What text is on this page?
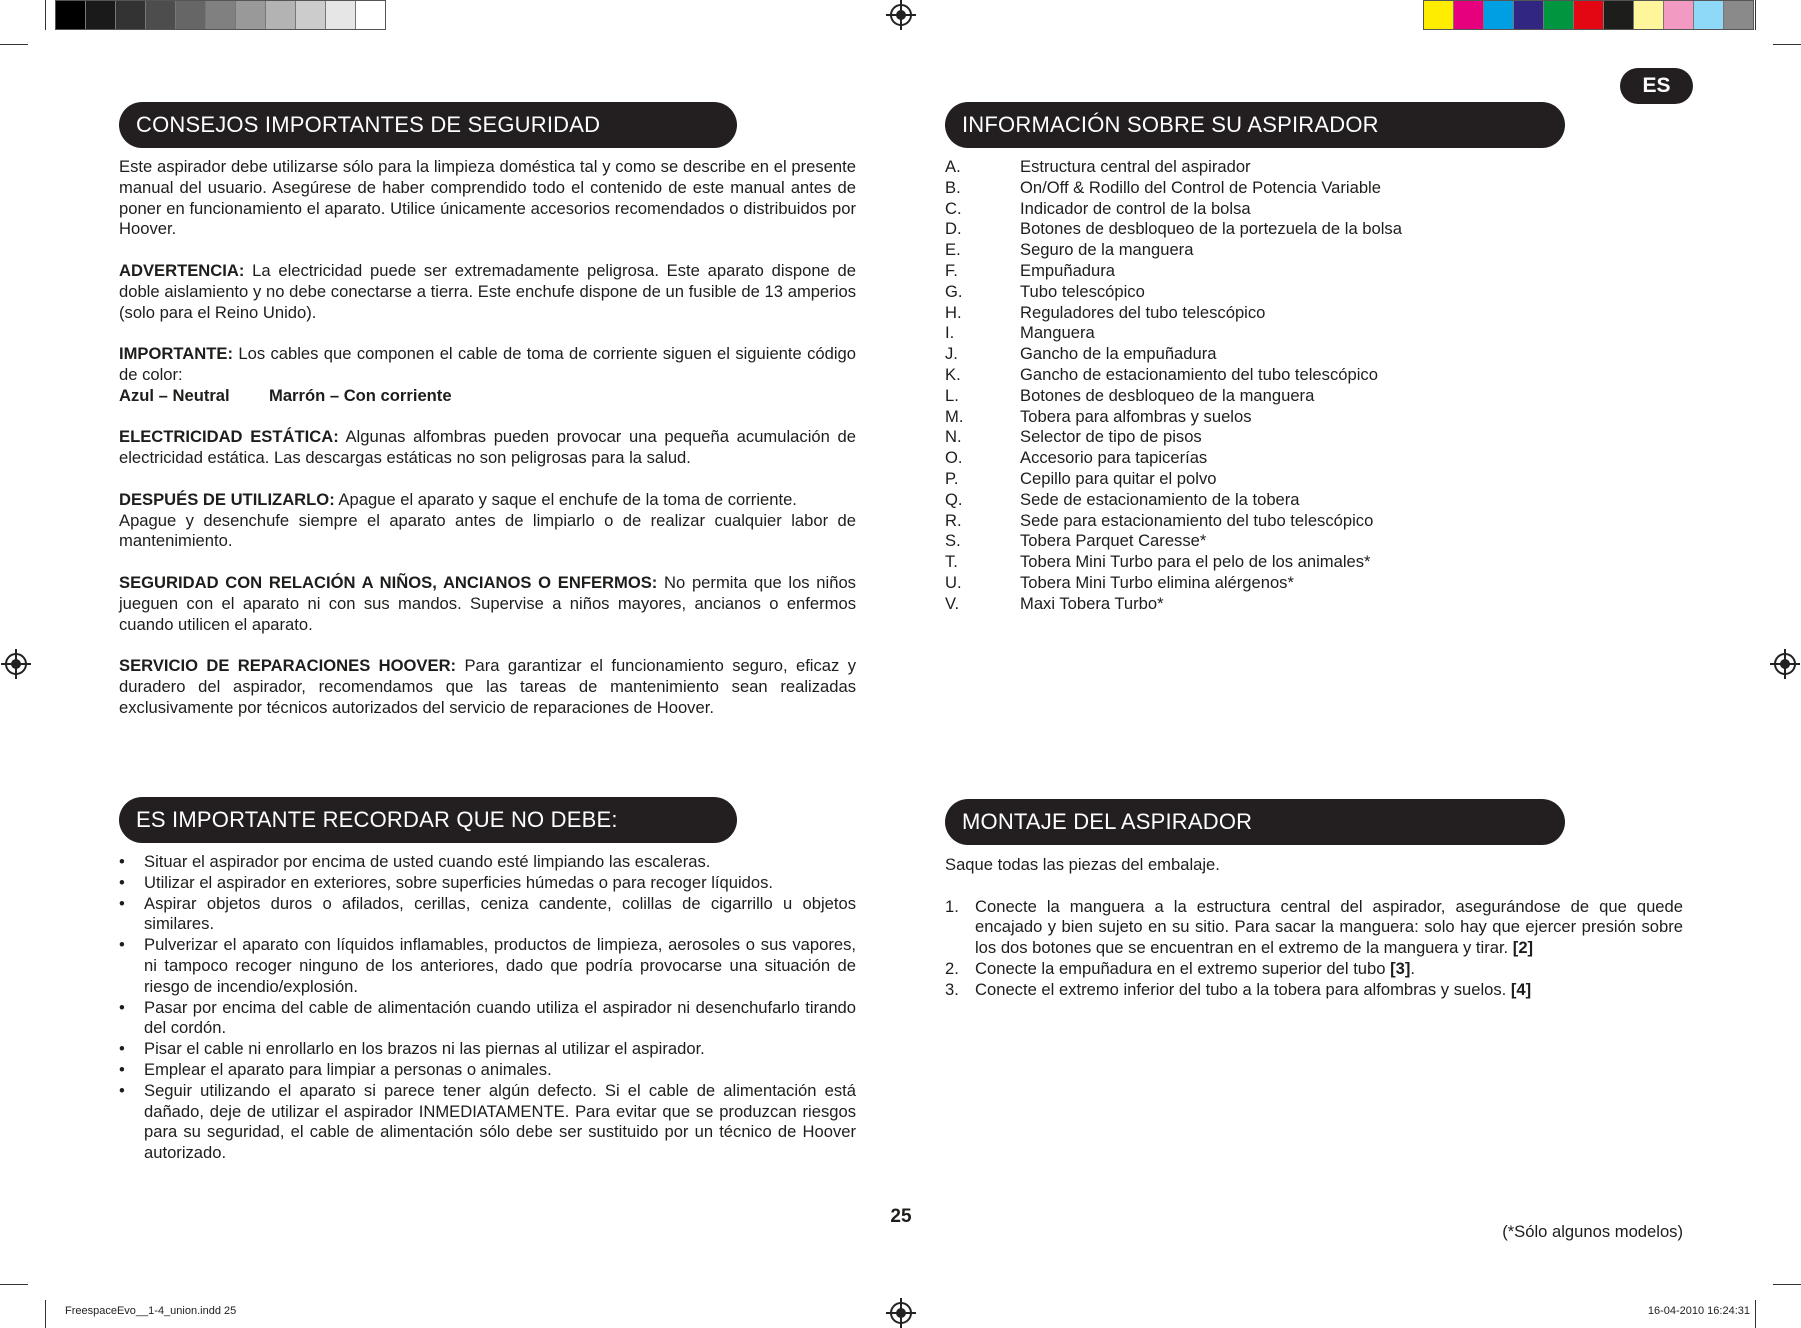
ES
CONSEJOS IMPORTANTES DE SEGURIDAD

Este aspirador debe utilizarse sólo para la limpieza doméstica tal y como se describe en el presente manual del usuario. Asegúrese de haber comprendido todo el contenido de este manual antes de poner en funcionamiento el aparato. Utilice únicamente accesorios recomendados o distribuidos por Hoover.

ADVERTENCIA: La electricidad puede ser extremadamente peligrosa. Este aparato dispone de doble aislamiento y no debe conectarse a tierra. Este enchufe dispone de un fusible de 13 amperios (solo para el Reino Unido).

IMPORTANTE: Los cables que componen el cable de toma de corriente siguen el siguiente código de color:

Azul – Neutral Marrón – Con corriente

ELECTRICIDAD ESTÁTICA: Algunas alfombras pueden provocar una pequeña acumulación de electricidad estática. Las descargas estáticas no son peligrosas para la salud.

DESPUÉS DE UTILIZARLO: Apague el aparato y saque el enchufe de la toma de corriente.

Apague y desenchufe siempre el aparato antes de limpiarlo o de realizar cualquier labor de mantenimiento.

SEGURIDAD CON RELACIÓN A NIÑOS, ANCIANOS O ENFERMOS: No permita que los niños jueguen con el aparato ni con sus mandos. Supervise a niños mayores, ancianos o enfermos cuando utilicen el aparato.

SERVICIO DE REPARACIONES HOOVER: Para garantizar el funcionamiento seguro, eficaz y duradero del aspirador, recomendamos que las tareas de mantenimiento sean realizadas exclusivamente por técnicos autorizados del servicio de reparaciones de Hoover.

INFORMACIÓN SOBRE SU ASPIRADOR
A.	Estructura central del aspirador
B.	On/Off & Rodillo del Control de Potencia Variable
C.	Indicador de control de la bolsa
D.	Botones de desbloqueo de la portezuela de la bolsa
E.	Seguro de la manguera
F.	Empuñadura
G.	Tubo telescópico
H.	Reguladores del tubo telescópico
I.	Manguera
J.	Gancho de la empuñadura
K.	Gancho de estacionamiento del tubo telescópico
L.	Botones de desbloqueo de la manguera
M.	Tobera para alfombras y suelos
N.	Selector de tipo de pisos
O.	Accesorio para tapicerías
P.	Cepillo para quitar el polvo
Q.	Sede de estacionamiento de la tobera
R.	Sede para estacionamiento del tubo telescópico
S.	Tobera Parquet Caresse*
T.	Tobera Mini Turbo para el pelo de los animales*
U.	Tobera Mini Turbo elimina alérgenos*
V.	Maxi Tobera Turbo*
ES IMPORTANTE RECORDAR QUE NO DEBE:
• Situar el aspirador por encima de usted cuando esté limpiando las escaleras.
• Utilizar el aspirador en exteriores, sobre superficies húmedas o para recoger líquidos.
• Aspirar objetos duros o afilados, cerillas, ceniza candente, colillas de cigarrillo u objetos similares.
• Pulverizar el aparato con líquidos inflamables, productos de limpieza, aerosoles o sus vapores, ni tampoco recoger ninguno de los anteriores, dado que podría provocarse una situación de riesgo de incendio/explosión.
• Pasar por encima del cable de alimentación cuando utiliza el aspirador ni desenchufarlo tirando del cordón.
• Pisar el cable ni enrollarlo en los brazos ni las piernas al utilizar el aspirador.
• Emplear el aparato para limpiar a personas o animales.
• Seguir utilizando el aparato si parece tener algún defecto. Si el cable de alimentación está dañado, deje de utilizar el aspirador INMEDIATAMENTE. Para evitar que se produzcan riesgos para su seguridad, el cable de alimentación sólo debe ser sustituido por un técnico de Hoover autorizado.
MONTAJE DEL ASPIRADOR

Saque todas las piezas del embalaje.

1. Conecte la manguera a la estructura central del aspirador, asegurándose de que quede encajado y bien sujeto en su sitio. Para sacar la manguera: solo hay que ejercer presión sobre los dos botones que se encuentran en el extremo de la manguera y tirar. [2]
2. Conecte la empuñadura en el extremo superior del tubo [3].
3. Conecte el extremo inferior del tubo a la tobera para alfombras y suelos. [4]
25
(*Sólo algunos modelos)
FreespaceEvo__1-4_union.indd 25	16-04-2010 16:24:31
